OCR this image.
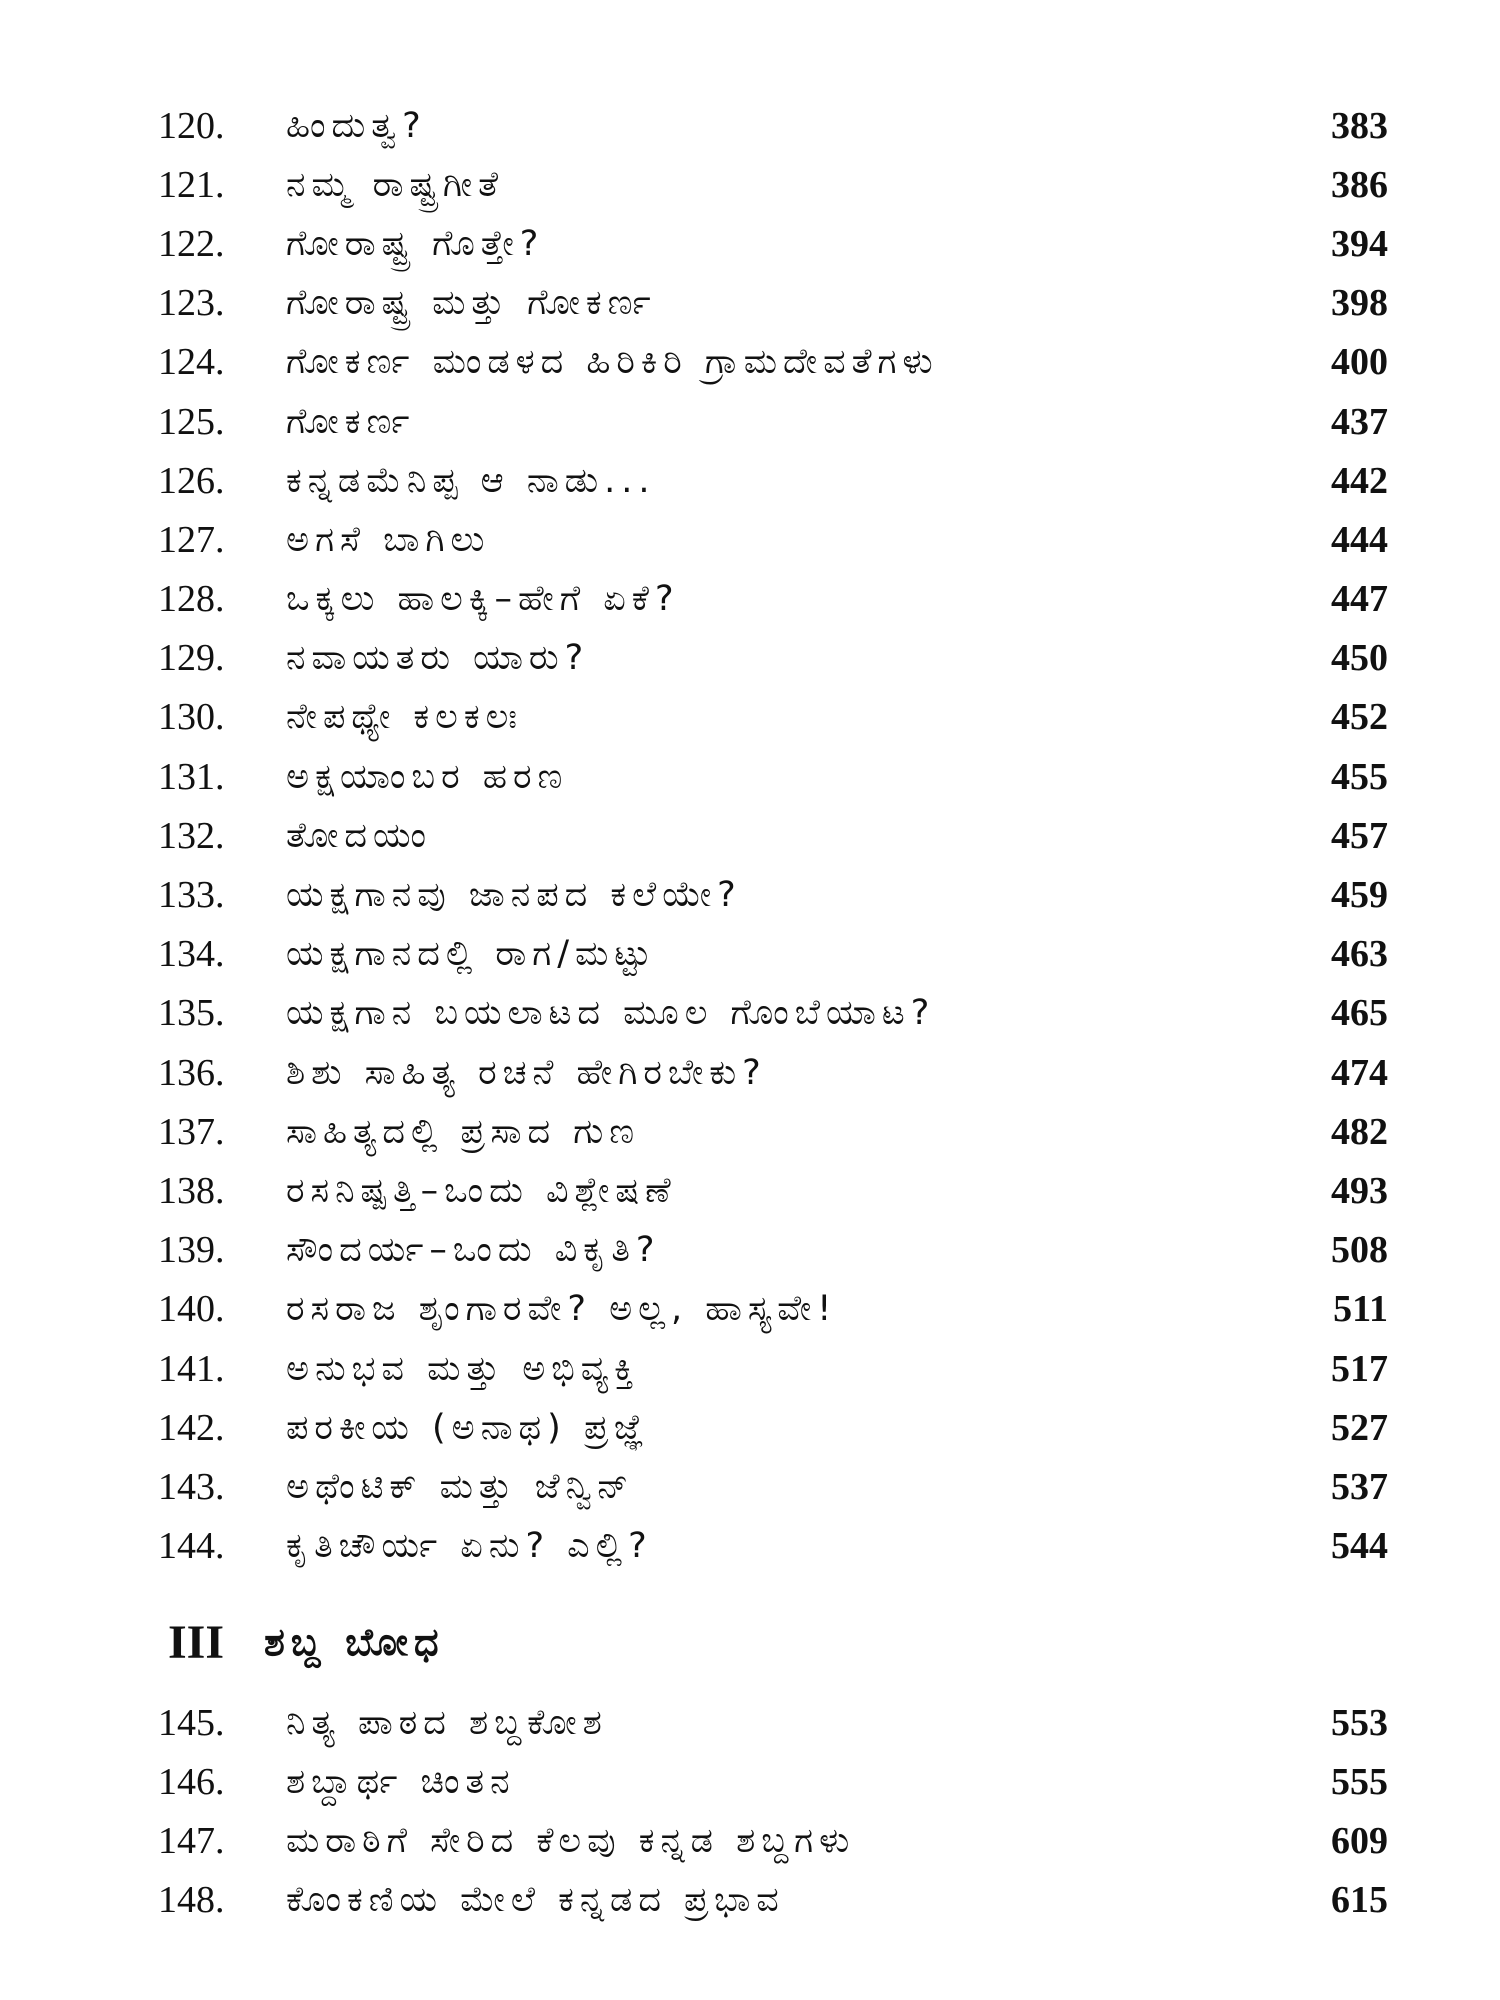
120.	ಹಿಂದುತ್ವ?	383
121.	ನಮ್ಮ ರಾಷ್ಟ್ರಗೀತೆ	386
122.	ಗೋರಾಷ್ಟ್ರ ಗೊತ್ತೇ?	394
123.	ಗೋರಾಷ್ಟ್ರ ಮತ್ತು ಗೋಕರ್ಣ	398
124.	ಗೋಕರ್ಣ ಮಂಡಳದ ಹಿರಿಕಿರಿ ಗ್ರಾಮದೇವತೆಗಳು	400
125.	ಗೋಕರ್ಣ	437
126.	ಕನ್ನಡಮೆನಿಪ್ಪ ಆ ನಾಡು...	442
127.	ಅಗಸೆ ಬಾಗಿಲು	444
128.	ಒಕ್ಕಲು ಹಾಲಕ್ಕಿ–ಹೇಗೆ ಏಕೆ?	447
129.	ನವಾಯತರು ಯಾರು?	450
130.	ನೇಪಥ್ಯೇ ಕಲಕಲಃ	452
131.	ಅಕ್ಷಯಾಂಬರ ಹರಣ	455
132.	ತೋದಯಂ	457
133.	ಯಕ್ಷಗಾನವು ಜಾನಪದ ಕಲೆಯೇ?	459
134.	ಯಕ್ಷಗಾನದಲ್ಲಿ ರಾಗ/ಮಟ್ಟು	463
135.	ಯಕ್ಷಗಾನ ಬಯಲಾಟದ ಮೂಲ ಗೊಂಬೆಯಾಟ?	465
136.	ಶಿಶು ಸಾಹಿತ್ಯ ರಚನೆ ಹೇಗಿರಬೇಕು?	474
137.	ಸಾಹಿತ್ಯದಲ್ಲಿ ಪ್ರಸಾದ ಗುಣ	482
138.	ರಸನಿಷ್ಪತ್ತಿ–ಒಂದು ವಿಶ್ಲೇಷಣೆ	493
139.	ಸೌಂದರ್ಯ–ಒಂದು ವಿಕೃತಿ?	508
140.	ರಸರಾಜ ಶೃಂಗಾರವೇ? ಅಲ್ಲ, ಹಾಸ್ಯವೇ!	511
141.	ಅನುಭವ ಮತ್ತು ಅಭಿವ್ಯಕ್ತಿ	517
142.	ಪರಕೀಯ (ಅನಾಥ) ಪ್ರಜ್ಞೆ	527
143.	ಅಥೆಂಟಿಕ್ ಮತ್ತು ಜೆನ್ವಿನ್	537
144.	ಕೃತಿಚೌರ್ಯ ಏನು? ಎಲ್ಲಿ?	544
III ಶಬ್ದ ಬೋಧ
145.	ನಿತ್ಯ ಪಾಠದ ಶಬ್ದಕೋಶ	553
146.	ಶಬ್ದಾರ್ಥ ಚಿಂತನ	555
147.	ಮರಾಠಿಗೆ ಸೇರಿದ ಕೆಲವು ಕನ್ನಡ ಶಬ್ದಗಳು	609
148.	ಕೊಂಕಣಿಯ ಮೇಲೆ ಕನ್ನಡದ ಪ್ರಭಾವ	615
